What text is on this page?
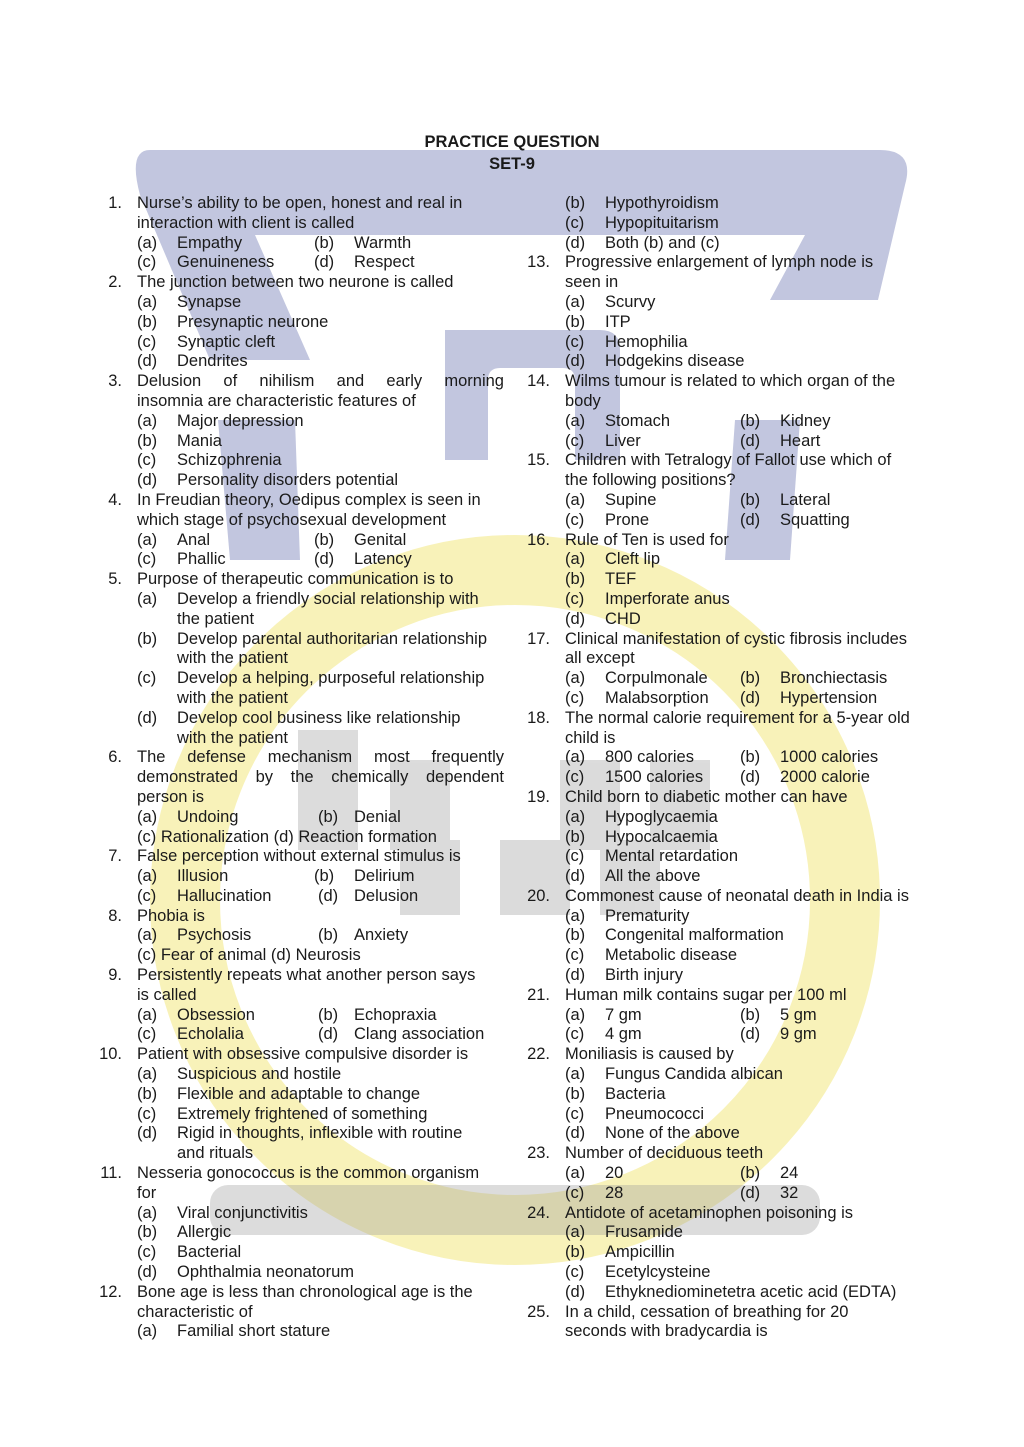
PRACTICE QUESTION
SET-9
1. Nurse’s ability to be open, honest and real in
interaction with client is called
(a) Empathy	(b) Warmth
(c) Genuineness (d) Respect
2. The junction between two neurone is called
(a) Synapse
(b) Presynaptic neurone
(c) Synaptic cleft
(d) Dendrites
3. Delusion of nihilism and early morning
insomnia are characteristic features of
(a) Major depression
(b) Mania
(c) Schizophrenia
(d) Personality disorders potential
4. In Freudian theory, Oedipus complex is seen in
which stage of psychosexual development
(a) Anal	(b) Genital
(c) Phallic	(d) Latency
5. Purpose of therapeutic communication is to
(a) Develop a friendly social relationship with
the patient
(b) Develop parental authoritarian relationship
with the patient
(c) Develop a helping, purposeful relationship
with the patient
(d) Develop cool business like relationship
with the patient
6. The defense mechanism most frequently
demonstrated by the chemically dependent
person is
(a) Undoing	(b) Denial
(c) Rationalization (d) Reaction formation
7. False perception without external stimulus is
(a) Illusion	(b) Delirium
(c) Hallucination	(d) Delusion
8. Phobia is
(a) Psychosis	(b) Anxiety
(c) Fear of animal (d) Neurosis
9. Persistently repeats what another person says
is called
(a) Obsession	(b) Echopraxia
(c) Echolalia	(d) Clang association
10. Patient with obsessive compulsive disorder is
(a) Suspicious and hostile
(b) Flexible and adaptable to change
(c) Extremely frightened of something
(d) Rigid in thoughts, inflexible with routine
and rituals
11. Nesseria gonococcus is the common organism
for
(a) Viral conjunctivitis
(b) Allergic
(c) Bacterial
(d) Ophthalmia neonatorum
12. Bone age is less than chronological age is the
characteristic of
(a) Familial short stature
(b) Hypothyroidism
(c) Hypopituitarism
(d) Both (b) and (c)
13. Progressive enlargement of lymph node is
seen in
(a) Scurvy
(b) ITP
(c) Hemophilia
(d) Hodgekins disease
14. Wilms tumour is related to which organ of the
body
(a) Stomach	(b) Kidney
(c) Liver	(d) Heart
15. Children with Tetralogy of Fallot use which of
the following positions?
(a) Supine	(b) Lateral
(c) Prone	(d) Squatting
16. Rule of Ten is used for
(a) Cleft lip
(b) TEF
(c) Imperforate anus
(d) CHD
17. Clinical manifestation of cystic fibrosis includes
all except
(a) Corpulmonale (b) Bronchiectasis
(c) Malabsorption (d) Hypertension
18. The normal calorie requirement for a 5-year old
child is
(a) 800 calories	(b) 1000 calories
(c) 1500 calories (d) 2000 calorie
19. Child born to diabetic mother can have
(a) Hypoglycaemia
(b) Hypocalcaemia
(c) Mental retardation
(d) All the above
20. Commonest cause of neonatal death in India is
(a) Prematurity
(b) Congenital malformation
(c) Metabolic disease
(d) Birth injury
21. Human milk contains sugar per 100 ml
(a) 7 gm	(b) 5 gm
(c) 4 gm	(d) 9 gm
22. Moniliasis is caused by
(a) Fungus Candida albican
(b) Bacteria
(c) Pneumococci
(d) None of the above
23. Number of deciduous teeth
(a) 20	(b) 24
(c) 28	(d) 32
24. Antidote of acetaminophen poisoning is
(a) Frusamide
(b) Ampicillin
(c) Ecetylcysteine
(d) Ethyknediominetetra acetic acid (EDTA)
25. In a child, cessation of breathing for 20
seconds with bradycardia is
